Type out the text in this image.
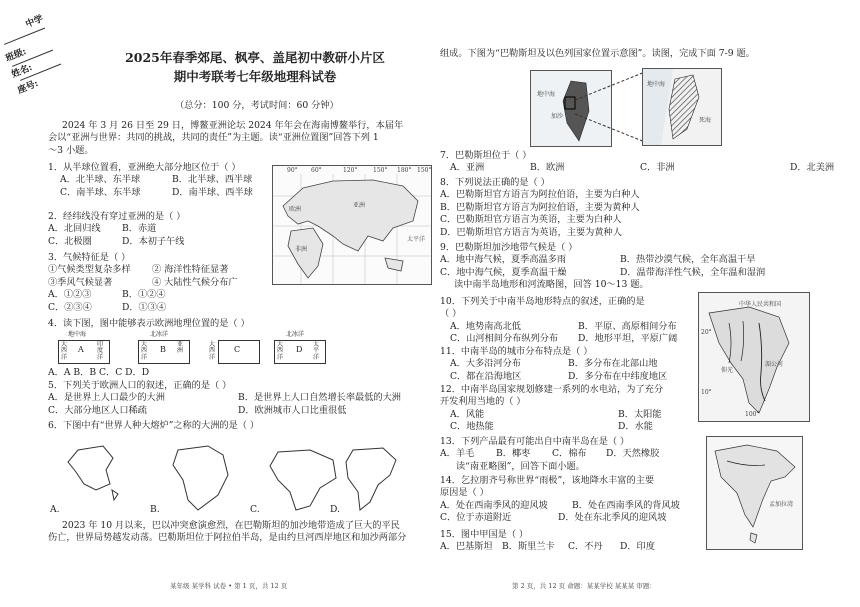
中学
班级:
姓名:
座号:
2025年春季郊尾、枫亭、盖尾初中教研小片区
期中考联考七年级地理科试卷
（总分：100 分，考试时间：60 分钟）
2024 年 3 月 26 日至 29 日，博鳌亚洲论坛 2024 年年会在海南博鳌举行，本届年
会以“亚洲与世界：共同的挑战，共同的责任”为主题。读“亚洲位置图”回答下列 1
～3 小题。
90° 60°	120°	150° 180° 150°
欧洲
非洲
亚洲
太平洋
1．从半球位置看，亚洲绝大部分地区位于（ ）
A．北半球、东半球	B．北半球、西半球
C．南半球、东半球	D．南半球、西半球
2．经纬线没有穿过亚洲的是（ ）
A．北回归线 B．赤道
C．北极圈	D．本初子午线
3．气候特征是（ ）
①气候类型复杂多样 ② 海洋性特征显著
③季风气候显著	④ 大陆性气候分布广
A．①②③	B．①②④
C．②③④	D．①③④
4．读下图，图中能够表示欧洲地理位置的是（ ）
地中海
大西洋
印度洋
A
北冰洋
大西洋
亚洲
B
大西洋
C
北冰洋
大西洋
太平洋
D
A．A B．B C．C D．D
5．下列关于欧洲人口的叙述，正确的是（ ）
A．是世界上人口最少的大洲	B．是世界上人口自然增长率最低的大洲
C．大部分地区人口稀疏	D．欧洲城市人口比重很低
6．下图中有“世界人种大熔炉”之称的大洲的是（ ）
A.	B.	C.	D.
2023 年 10 月以来，巴以冲突愈演愈烈，在巴勒斯坦的加沙地带造成了巨大的平民
伤亡，世界局势越发动荡。巴勒斯坦位于阿拉伯半岛，是由约旦河西岸地区和加沙两部分
某年级 某学科 试卷 • 第 1 页，共 12 页
组成。下图为“巴勒斯坦及以色列国家位置示意图”。读图，完成下面 7-9 题。
地中海
加沙
地中海
死海
7．巴勒斯坦位于（ ）
A．亚洲	B．欧洲	C．非洲	D．北美洲
8．下列说法正确的是（ ）
A．巴勒斯坦官方语言为阿拉伯语，主要为白种人
B．巴勒斯坦官方语言为阿拉伯语，主要为黄种人
C．巴勒斯坦官方语言为英语，主要为白种人
D．巴勒斯坦官方语言为英语，主要为黄种人
9．巴勒斯坦加沙地带气候是（ ）
A．地中海气候，夏季高温多雨	B．热带沙漠气候，全年高温干旱
C．地中海气候，夏季高温干燥	D．温带海洋性气候，全年温和湿润
读中南半岛地形和河流略图，回答 10～13 题。
中华人民共和国
仰光
湄公河
20°
10°
100°
10．下列关于中南半岛地形特点的叙述，正确的是
（ ）
A．地势南高北低	B．平原、高原相间分布
C．山河相间分布纵列分布 D．地形平坦，平原广阔
11．中南半岛的城市分布特点是（ ）
A．大多沿河分布	B．多分布在北部山地
C．都在沿海地区	D．多分布在中纬度地区
12．中南半岛国家规划修建一系列的水电站，为了充分
开发利用当地的（ ）
A．风能	B．太阳能
C．地热能	D．水能
13．下列产品最有可能出自中南半岛在是（ ）
A．羊毛 B．椰枣 C．棉布 D．天然橡胶
读“南亚略图”，回答下面小题。
孟加拉湾
14．乞拉朋齐号称世界“雨极”，该地降水丰富的主要
原因是（ ）
A．处在西南季风的迎风坡	B．处在西南季风的背风坡
C．位于赤道附近	D．处在东北季风的迎风坡
15．图中甲国是（ ）
A．巴基斯坦 B．斯里兰卡 C．不丹 D．印度
第 2 页，共 12 页 命题：某某学校 某某某 审题：
